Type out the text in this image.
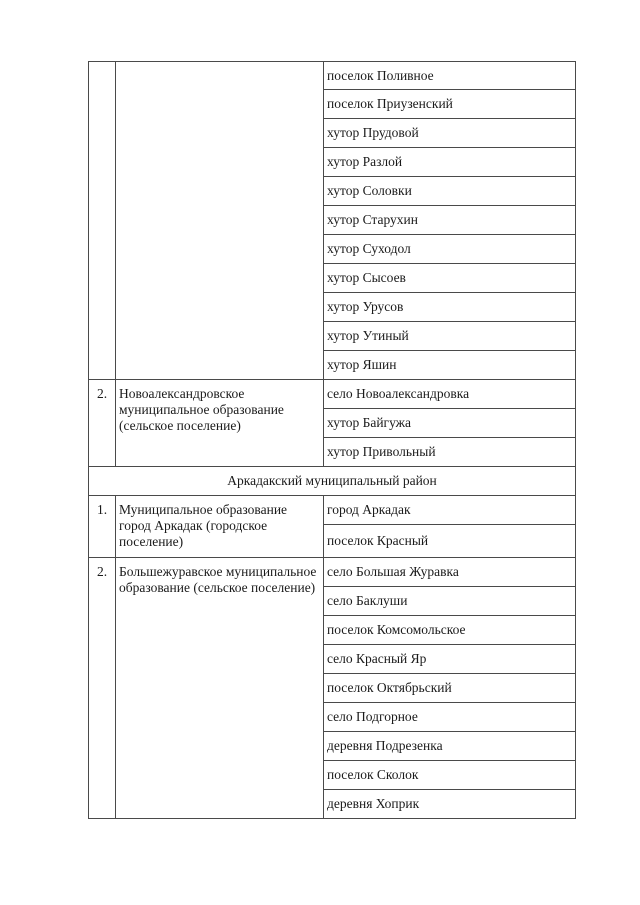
		поселок Поливное
		поселок Приузенский
		хутор Прудовой
		хутор Разлой
		хутор Соловки
		хутор Старухин
		хутор Суходол
		хутор Сысоев
		хутор Урусов
		хутор Утиный
		хутор Яшин
2.	Новоалександровское муниципальное образование (сельское поселение)	село Новоалександровка
		хутор Байгужа
		хутор Привольный
Аркадакский муниципальный район		
1.	Муниципальное образование город Аркадак (городское поселение)	город Аркадак
		поселок Красный
2.	Большежуравское муниципальное образование (сельское поселение)	село Большая Журавка
		село Баклуши
		поселок Комсомольское
		село Красный Яр
		поселок Октябрьский
		село Подгорное
		деревня Подрезенка
		поселок Сколок
		деревня Хоприк
